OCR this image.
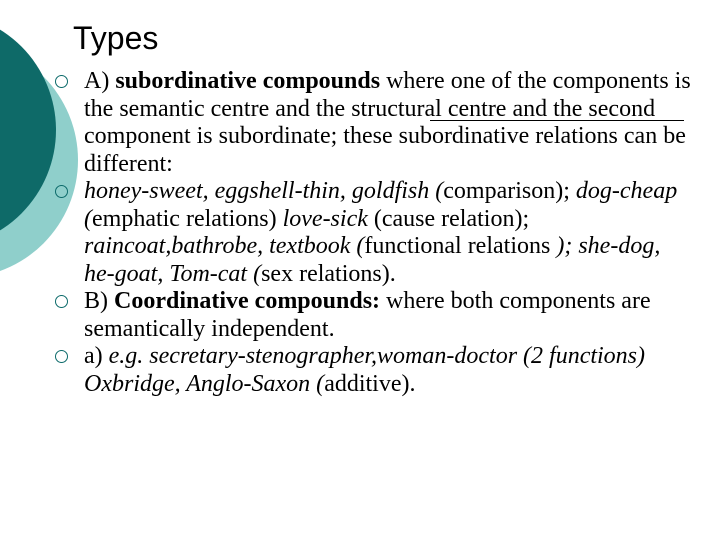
Types
A) subordinative compounds where one of the components is the semantic centre and the structural centre and the second component is subordinate; these subordinative relations can be different:
honey-sweet, eggshell-thin, goldfish (comparison); dog-cheap (emphatic relations) love-sick (cause relation); raincoat,bathrobe, textbook (functional relations ); she-dog, he-goat, Tom-cat (sex relations).
B) Coordinative compounds: where both components are semantically independent.
a) e.g. secretary-stenographer,woman-doctor (2 functions) Oxbridge, Anglo-Saxon (additive).
